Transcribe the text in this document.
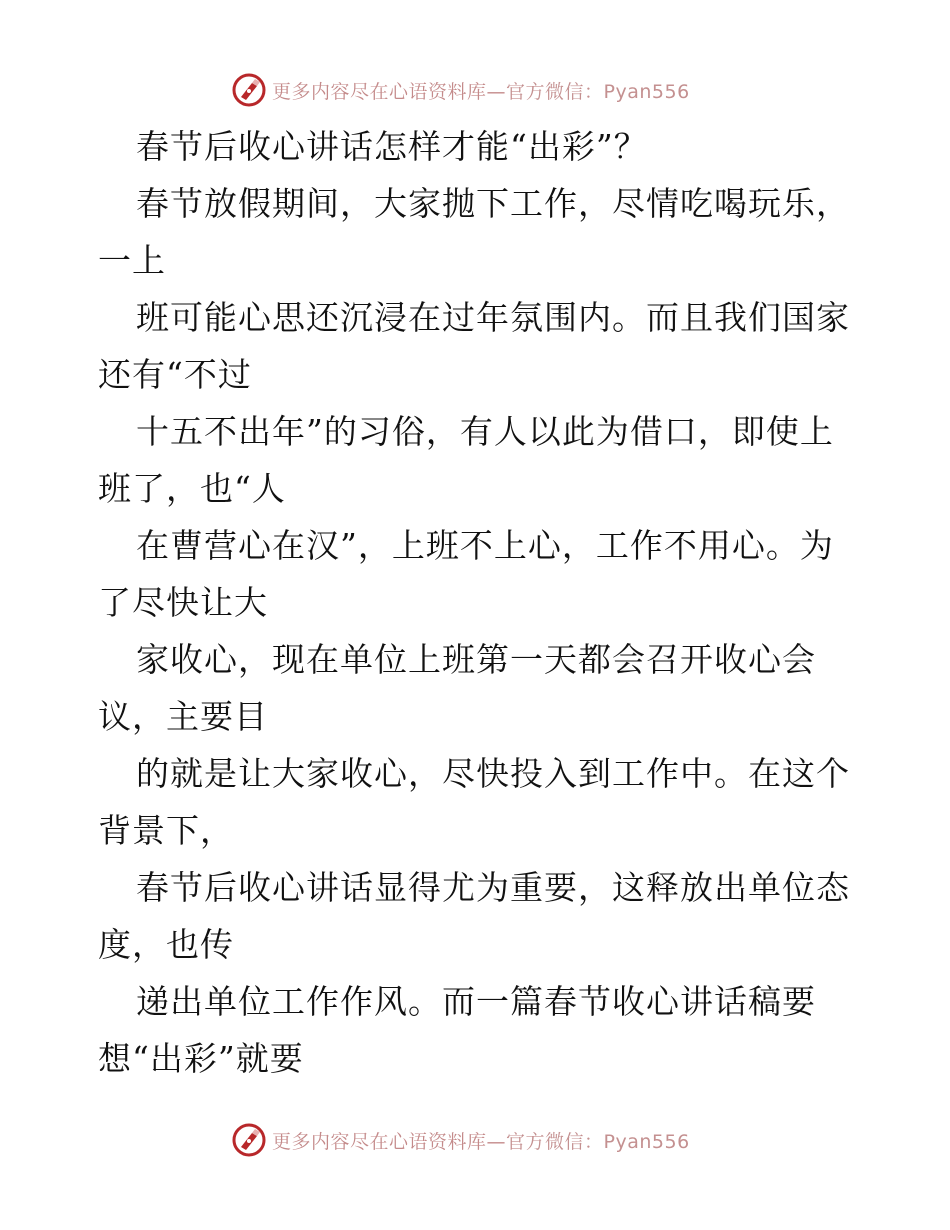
更多内容尽在心语资料库—官方微信：Pyan556
春节后收心讲话怎样才能“出彩”？
春节放假期间，大家抛下工作，尽情吃喝玩乐，
一上
班可能心思还沉浸在过年氛围内。而且我们国家
还有“不过
十五不出年”的习俗，有人以此为借口，即使上
班了，也“人
在曹营心在汉”，上班不上心，工作不用心。为
了尽快让大
家收心，现在单位上班第一天都会召开收心会
议，主要目
的就是让大家收心，尽快投入到工作中。在这个
背景下，
春节后收心讲话显得尤为重要，这释放出单位态
度，也传
递出单位工作作风。而一篇春节收心讲话稿要
想“出彩”就要
更多内容尽在心语资料库—官方微信：Pyan556
